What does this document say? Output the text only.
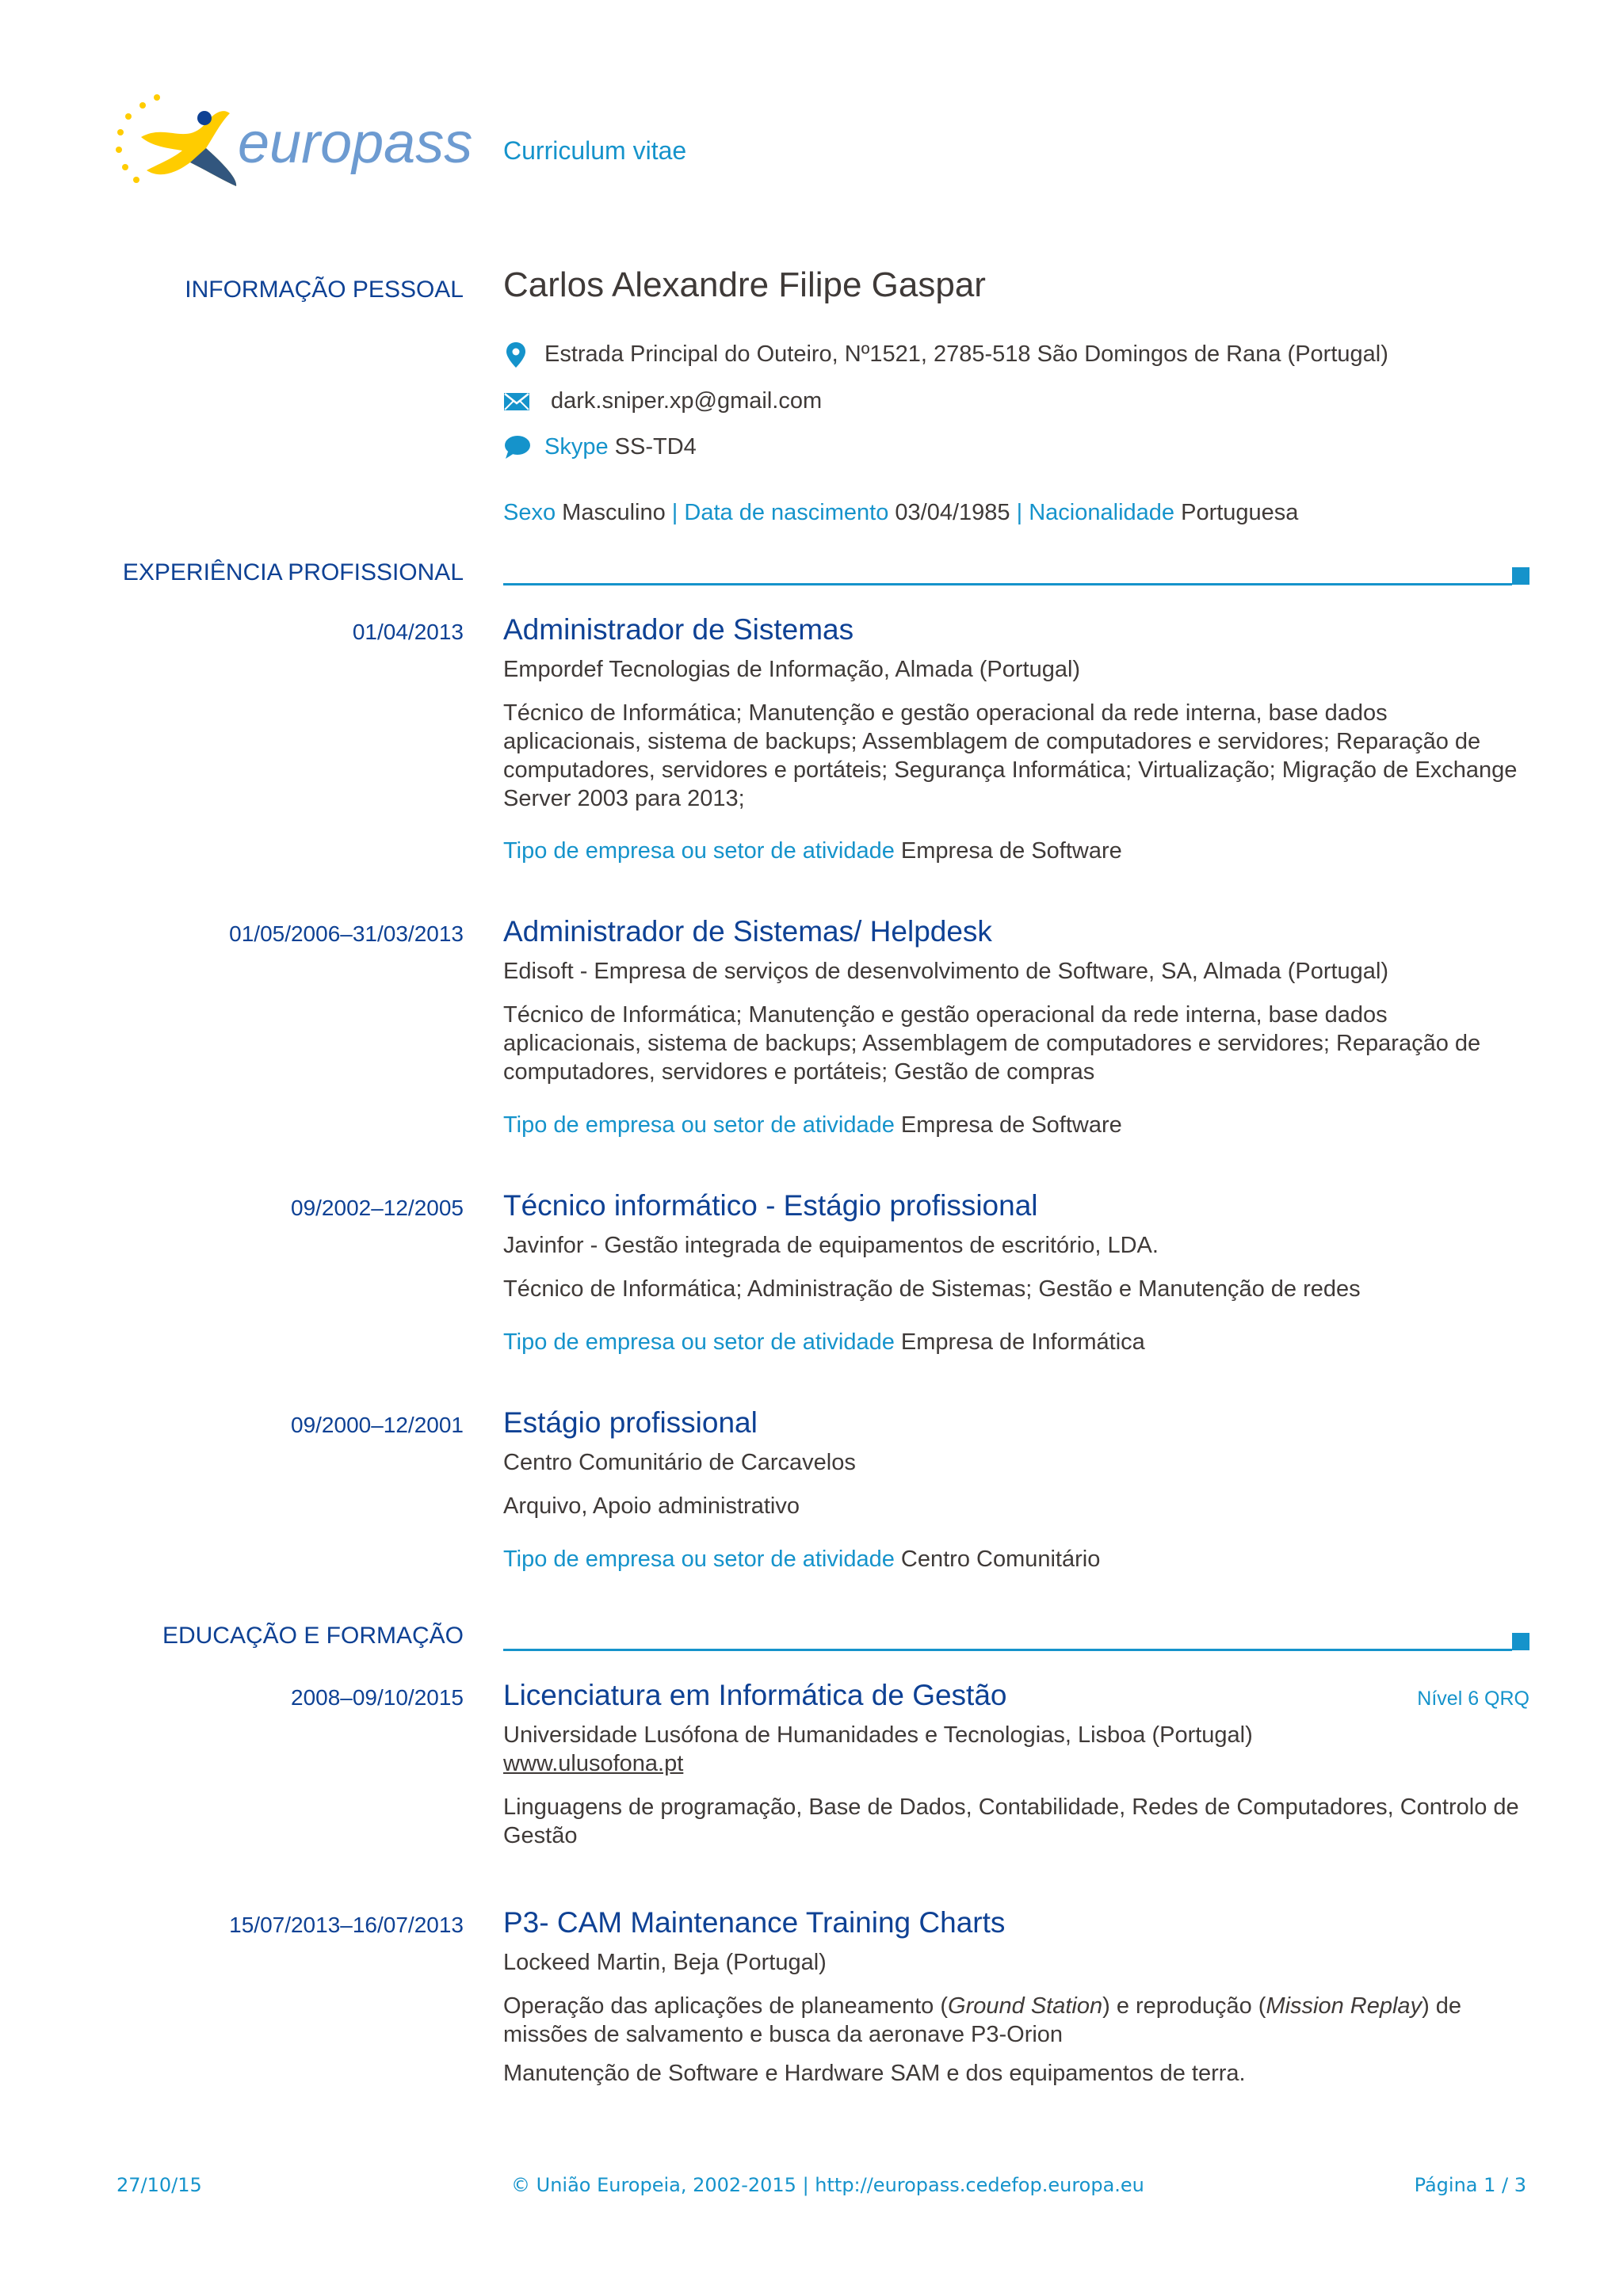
europass Curriculum vitae
INFORMAÇÃO PESSOAL Carlos Alexandre Filipe Gaspar
Estrada Principal do Outeiro, Nº1521, 2785-518 São Domingos de Rana (Portugal)
dark.sniper.xp@gmail.com
Skype SS-TD4
Sexo Masculino | Data de nascimento 03/04/1985 | Nacionalidade Portuguesa
EXPERIÊNCIA PROFISSIONAL
01/04/2013 Administrador de Sistemas
Empordef Tecnologias de Informação, Almada (Portugal)
Técnico de Informática; Manutenção e gestão operacional da rede interna, base dados aplicacionais, sistema de backups; Assemblagem de computadores e servidores; Reparação de computadores, servidores e portáteis; Segurança Informática; Virtualização; Migração de Exchange Server 2003 para 2013;
Tipo de empresa ou setor de atividade Empresa de Software
01/05/2006–31/03/2013 Administrador de Sistemas/ Helpdesk
Edisoft - Empresa de serviços de desenvolvimento de Software, SA, Almada (Portugal)
Técnico de Informática; Manutenção e gestão operacional da rede interna, base dados aplicacionais, sistema de backups; Assemblagem de computadores e servidores; Reparação de computadores, servidores e portáteis; Gestão de compras
Tipo de empresa ou setor de atividade Empresa de Software
09/2002–12/2005 Técnico informático - Estágio profissional
Javinfor - Gestão integrada de equipamentos de escritório, LDA.
Técnico de Informática; Administração de Sistemas; Gestão e Manutenção de redes
Tipo de empresa ou setor de atividade Empresa de Informática
09/2000–12/2001 Estágio profissional
Centro Comunitário de Carcavelos
Arquivo, Apoio administrativo
Tipo de empresa ou setor de atividade Centro Comunitário
EDUCAÇÃO E FORMAÇÃO
2008–09/10/2015 Licenciatura em Informática de Gestão	Nível 6 QRQ
Universidade Lusófona de Humanidades e Tecnologias, Lisboa (Portugal)
www.ulusofona.pt
Linguagens de programação, Base de Dados, Contabilidade, Redes de Computadores, Controlo de Gestão
15/07/2013–16/07/2013 P3- CAM Maintenance Training Charts
Lockeed Martin, Beja (Portugal)
Operação das aplicações de planeamento (Ground Station) e reprodução (Mission Replay) de missões de salvamento e busca da aeronave P3-Orion
Manutenção de Software e Hardware SAM e dos equipamentos de terra.
27/10/15	© União Europeia, 2002-2015 | http://europass.cedefop.europa.eu	Página 1 / 3
